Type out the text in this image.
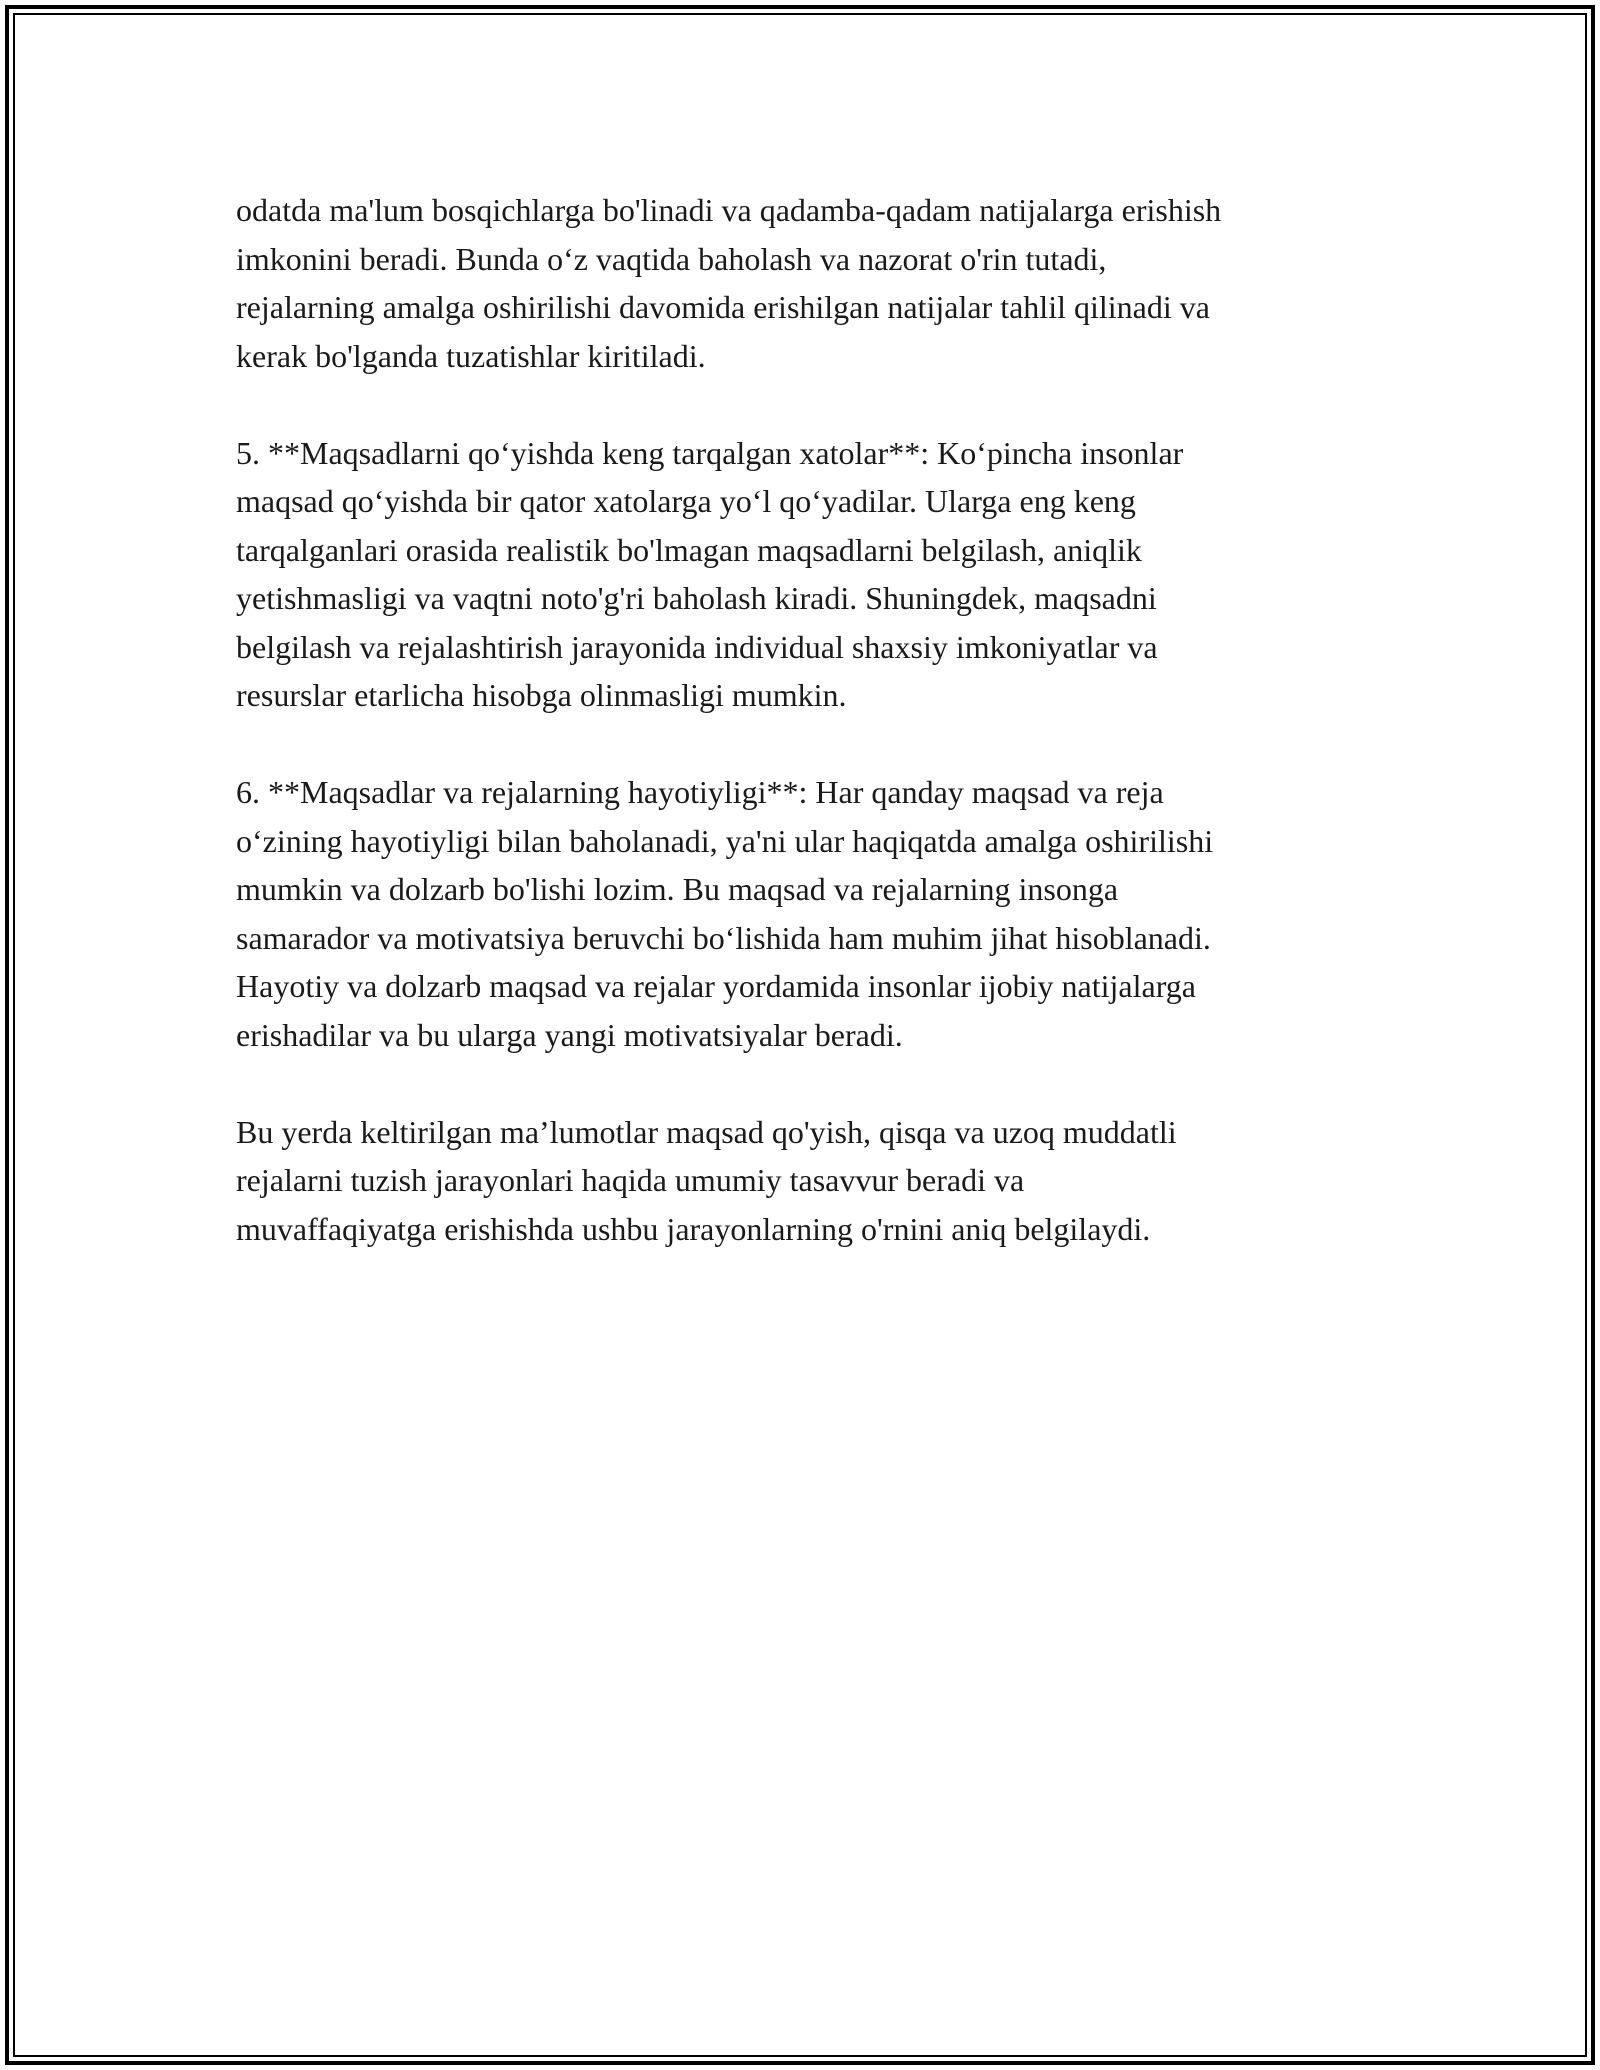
odatda ma'lum bosqichlarga bo'linadi va qadamba-qadam natijalarga erishish
imkonini beradi. Bunda o‘z vaqtida baholash va nazorat o'rin tutadi,
rejalarning amalga oshirilishi davomida erishilgan natijalar tahlil qilinadi va
kerak bo'lganda tuzatishlar kiritiladi.

5. **Maqsadlarni qo‘yishda keng tarqalgan xatolar**: Ko‘pincha insonlar
maqsad qo‘yishda bir qator xatolarga yo‘l qo‘yadilar. Ularga eng keng
tarqalganlari orasida realistik bo'lmagan maqsadlarni belgilash, aniqlik
yetishmasligi va vaqtni noto'g'ri baholash kiradi. Shuningdek, maqsadni
belgilash va rejalashtirish jarayonida individual shaxsiy imkoniyatlar va
resurslar etarlicha hisobga olinmasligi mumkin.

6. **Maqsadlar va rejalarning hayotiyligi**: Har qanday maqsad va reja
o‘zining hayotiyligi bilan baholanadi, ya'ni ular haqiqatda amalga oshirilishi
mumkin va dolzarb bo'lishi lozim. Bu maqsad va rejalarning insonga
samarador va motivatsiya beruvchi bo‘lishida ham muhim jihat hisoblanadi.
Hayotiy va dolzarb maqsad va rejalar yordamida insonlar ijobiy natijalarga
erishadilar va bu ularga yangi motivatsiyalar beradi.

Bu yerda keltirilgan ma’lumotlar maqsad qo'yish, qisqa va uzoq muddatli
rejalarni tuzish jarayonlari haqida umumiy tasavvur beradi va
muvaffaqiyatga erishishda ushbu jarayonlarning o'rnini aniq belgilaydi.
